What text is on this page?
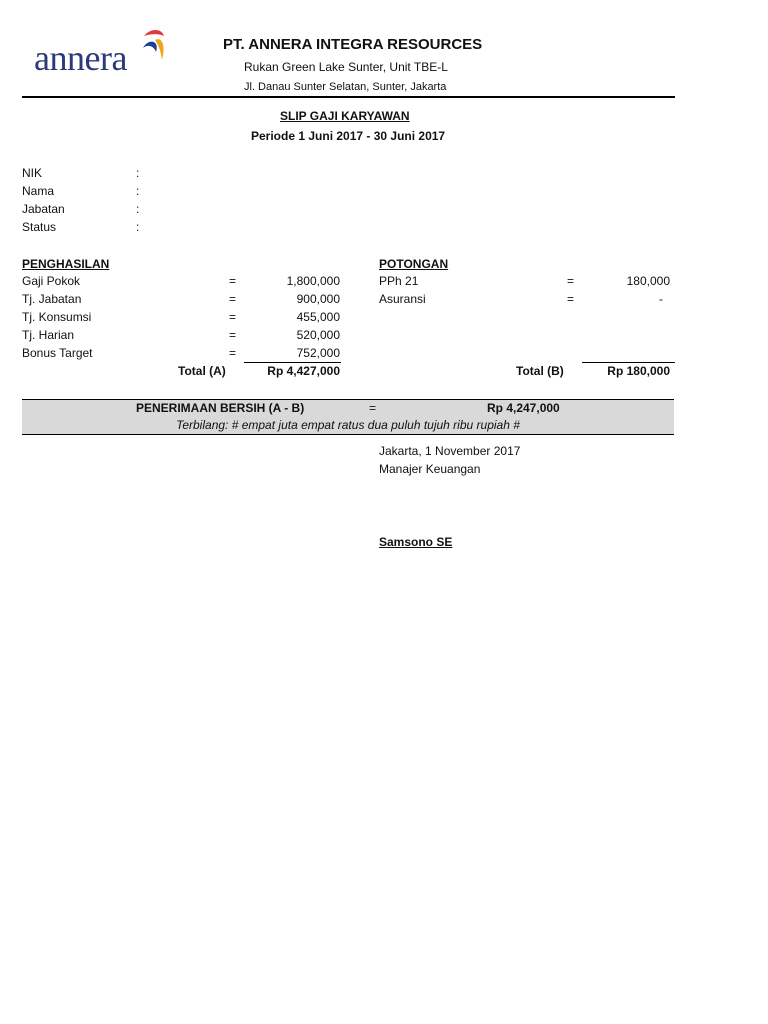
annera	PT. ANNERA INTEGRA RESOURCES
Rukan Green Lake Sunter, Unit TBE-L
Jl. Danau Sunter Selatan, Sunter, Jakarta
SLIP GAJI KARYAWAN
Periode 1 Juni 2017 - 30 Juni 2017
NIK	:
Nama	:
Jabatan	:
Status	:
PENGHASILAN
Gaji Pokok	=	1,800,000
Tj. Jabatan	=	900,000
Tj. Konsumsi	=	455,000
Tj. Harian	=	520,000
Bonus Target	=	752,000
Total (A)	Rp 4,427,000
POTONGAN
PPh 21	=	180,000
Asuransi	=	-
Total (B)	Rp 180,000
PENERIMAAN BERSIH (A - B)	=	Rp 4,247,000
Terbilang: # empat juta empat ratus dua puluh tujuh ribu rupiah #
Jakarta, 1 November 2017
Manajer Keuangan
Samsono SE
